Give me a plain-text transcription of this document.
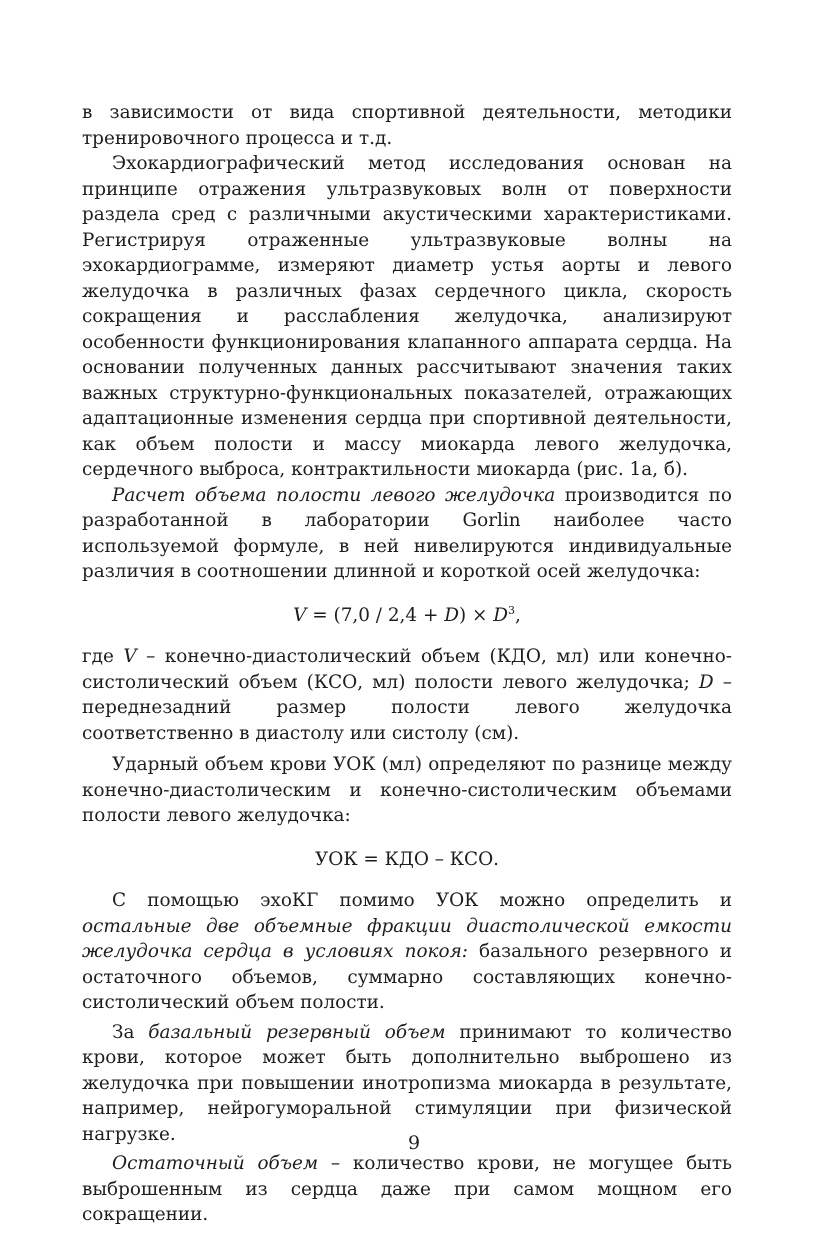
в зависимости от вида спортивной деятельности, методики тренировочного процесса и т.д.

Эхокардиографический метод исследования основан на принципе отражения ультразвуковых волн от поверхности раздела сред с различными акустическими характеристиками. Регистрируя отраженные ультразвуковые волны на эхокардиограмме, измеряют диаметр устья аорты и левого желудочка в различных фазах сердечного цикла, скорость сокращения и расслабления желудочка, анализируют особенности функционирования клапанного аппарата сердца. На основании полученных данных рассчитывают значения таких важных структурно-функциональных показателей, отражающих адаптационные изменения сердца при спортивной деятельности, как объем полости и массу миокарда левого желудочка, сердечного выброса, контрактильности миокарда (рис. 1а, б).

Расчет объема полости левого желудочка производится по разработанной в лаборатории Gorlin наиболее часто используемой формуле, в ней нивелируются индивидуальные различия в соотношении длинной и короткой осей желудочка:

$V = (7,0 / 2,4 + D) \times D^3$,

где V – конечно-диастолический объем (КДО, мл) или конечно-систолический объем (КСО, мл) полости левого желудочка; D – переднезадний размер полости левого желудочка соответственно в диастолу или систолу (см).

Ударный объем крови УОК (мл) определяют по разнице между конечно-диастолическим и конечно-систолическим объемами полости левого желудочка:

УОК = КДО – КСО.

С помощью эхоКГ помимо УОК можно определить и остальные две объемные фракции диастолической емкости желудочка сердца в условиях покоя: базального резервного и остаточного объемов, суммарно составляющих конечно-систолический объем полости.

За базальный резервный объем принимают то количество крови, которое может быть дополнительно выброшено из желудочка при повышении инотропизма миокарда в результате, например, нейрогуморальной стимуляции при физической нагрузке.

Остаточный объем – количество крови, не могущее быть выброшенным из сердца даже при самом мощном его сокращении.

9
